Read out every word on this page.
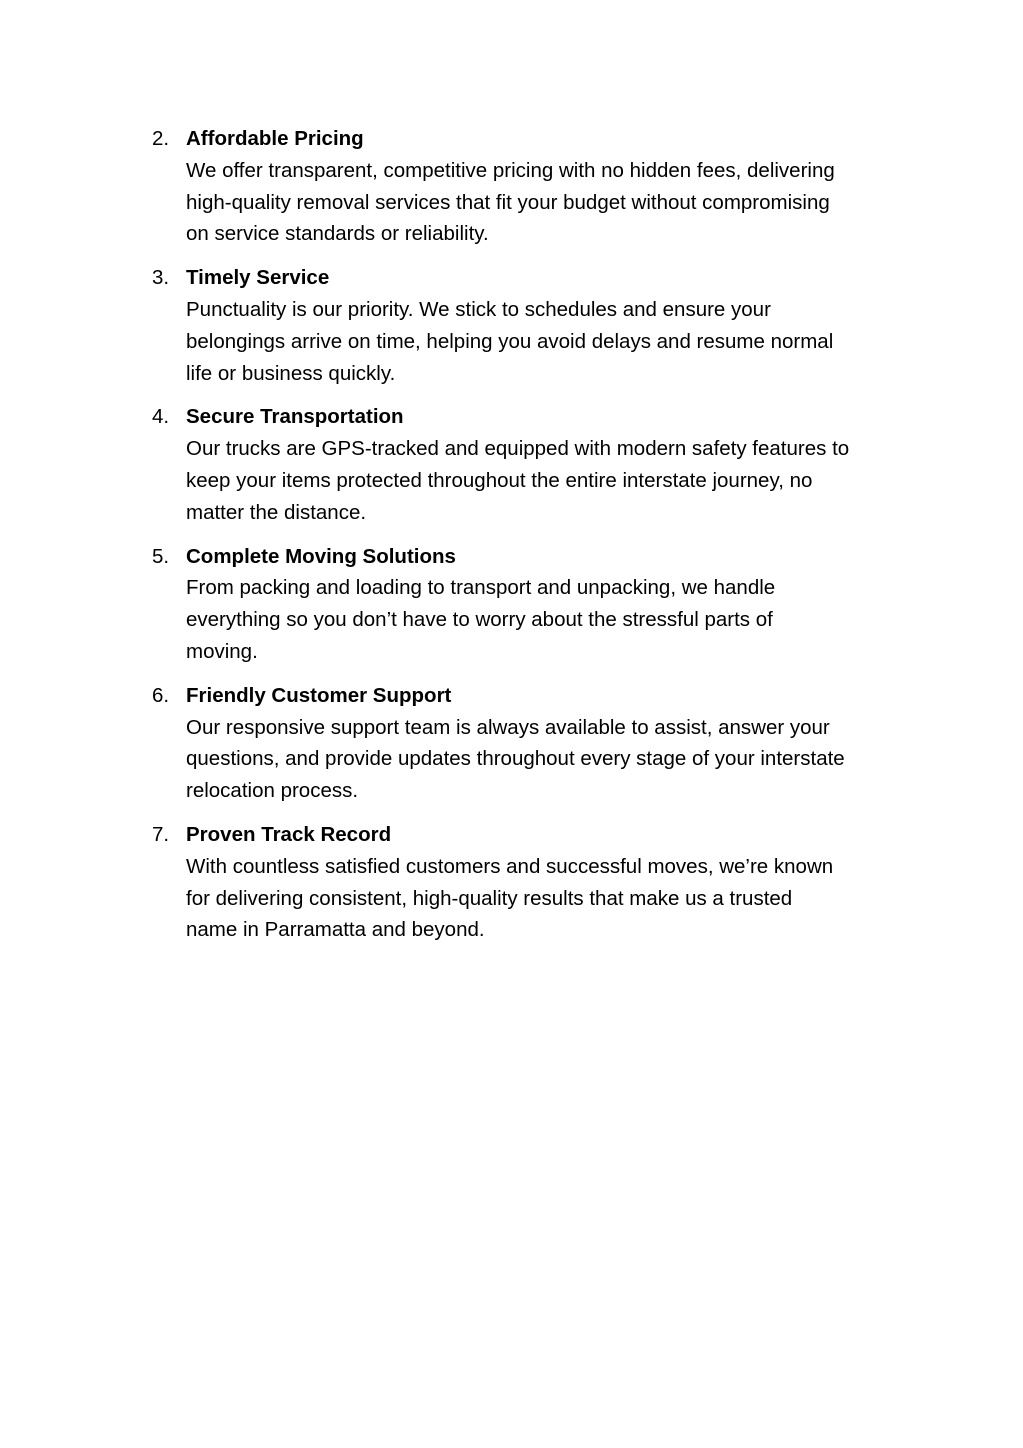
2. Affordable Pricing
We offer transparent, competitive pricing with no hidden fees, delivering
high-quality removal services that fit your budget without compromising
on service standards or reliability.
3. Timely Service
Punctuality is our priority. We stick to schedules and ensure your
belongings arrive on time, helping you avoid delays and resume normal
life or business quickly.
4. Secure Transportation
Our trucks are GPS-tracked and equipped with modern safety features to
keep your items protected throughout the entire interstate journey, no
matter the distance.
5. Complete Moving Solutions
From packing and loading to transport and unpacking, we handle
everything so you don’t have to worry about the stressful parts of
moving.
6. Friendly Customer Support
Our responsive support team is always available to assist, answer your
questions, and provide updates throughout every stage of your interstate
relocation process.
7. Proven Track Record
With countless satisfied customers and successful moves, we’re known
for delivering consistent, high-quality results that make us a trusted
name in Parramatta and beyond.
